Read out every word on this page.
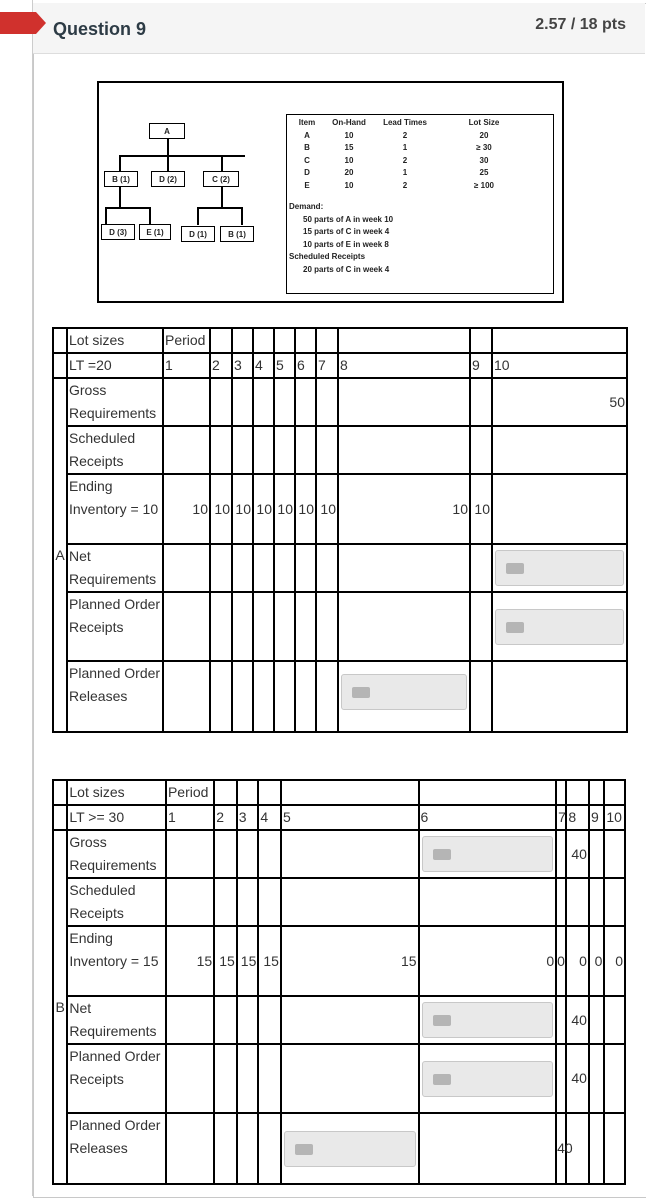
Question 9	2.57 / 18 pts
A
B (1)	D (2)	C (2)
D (3)	E (1)	D (1)	B (1)
Item	On-Hand	Lead Times	Lot Size
A	10	2	20
B	15	1	≥ 30
C	10	2	30
D	20	1	25
E	10	2	≥ 100
Demand:
50 parts of A in week 10
15 parts of C in week 4
10 parts of E in week 8
Scheduled Receipts
20 parts of C in week 4
	Lot sizes	Period									
	LT =20	1	2	3	4	5	6	7	8	9	10
A	Gross Requirements										50
	Scheduled Receipts										
	Ending Inventory = 10	10	10	10	10	10	10	10	10	10	
	Net Requirements										

	Planned Order Receipts										

	Planned Order Releases								

	Lot sizes	Period									
	LT >= 30	1	2	3	4	5	6	7	8	9	10
B	Gross Requirements								40		
	Scheduled Receipts										
	Ending Inventory = 15	15	15	15	15	15	0	0	0	0	0
	Net Requirements								40		
	Planned Order Receipts								40		
	Planned Order Releases							40			
